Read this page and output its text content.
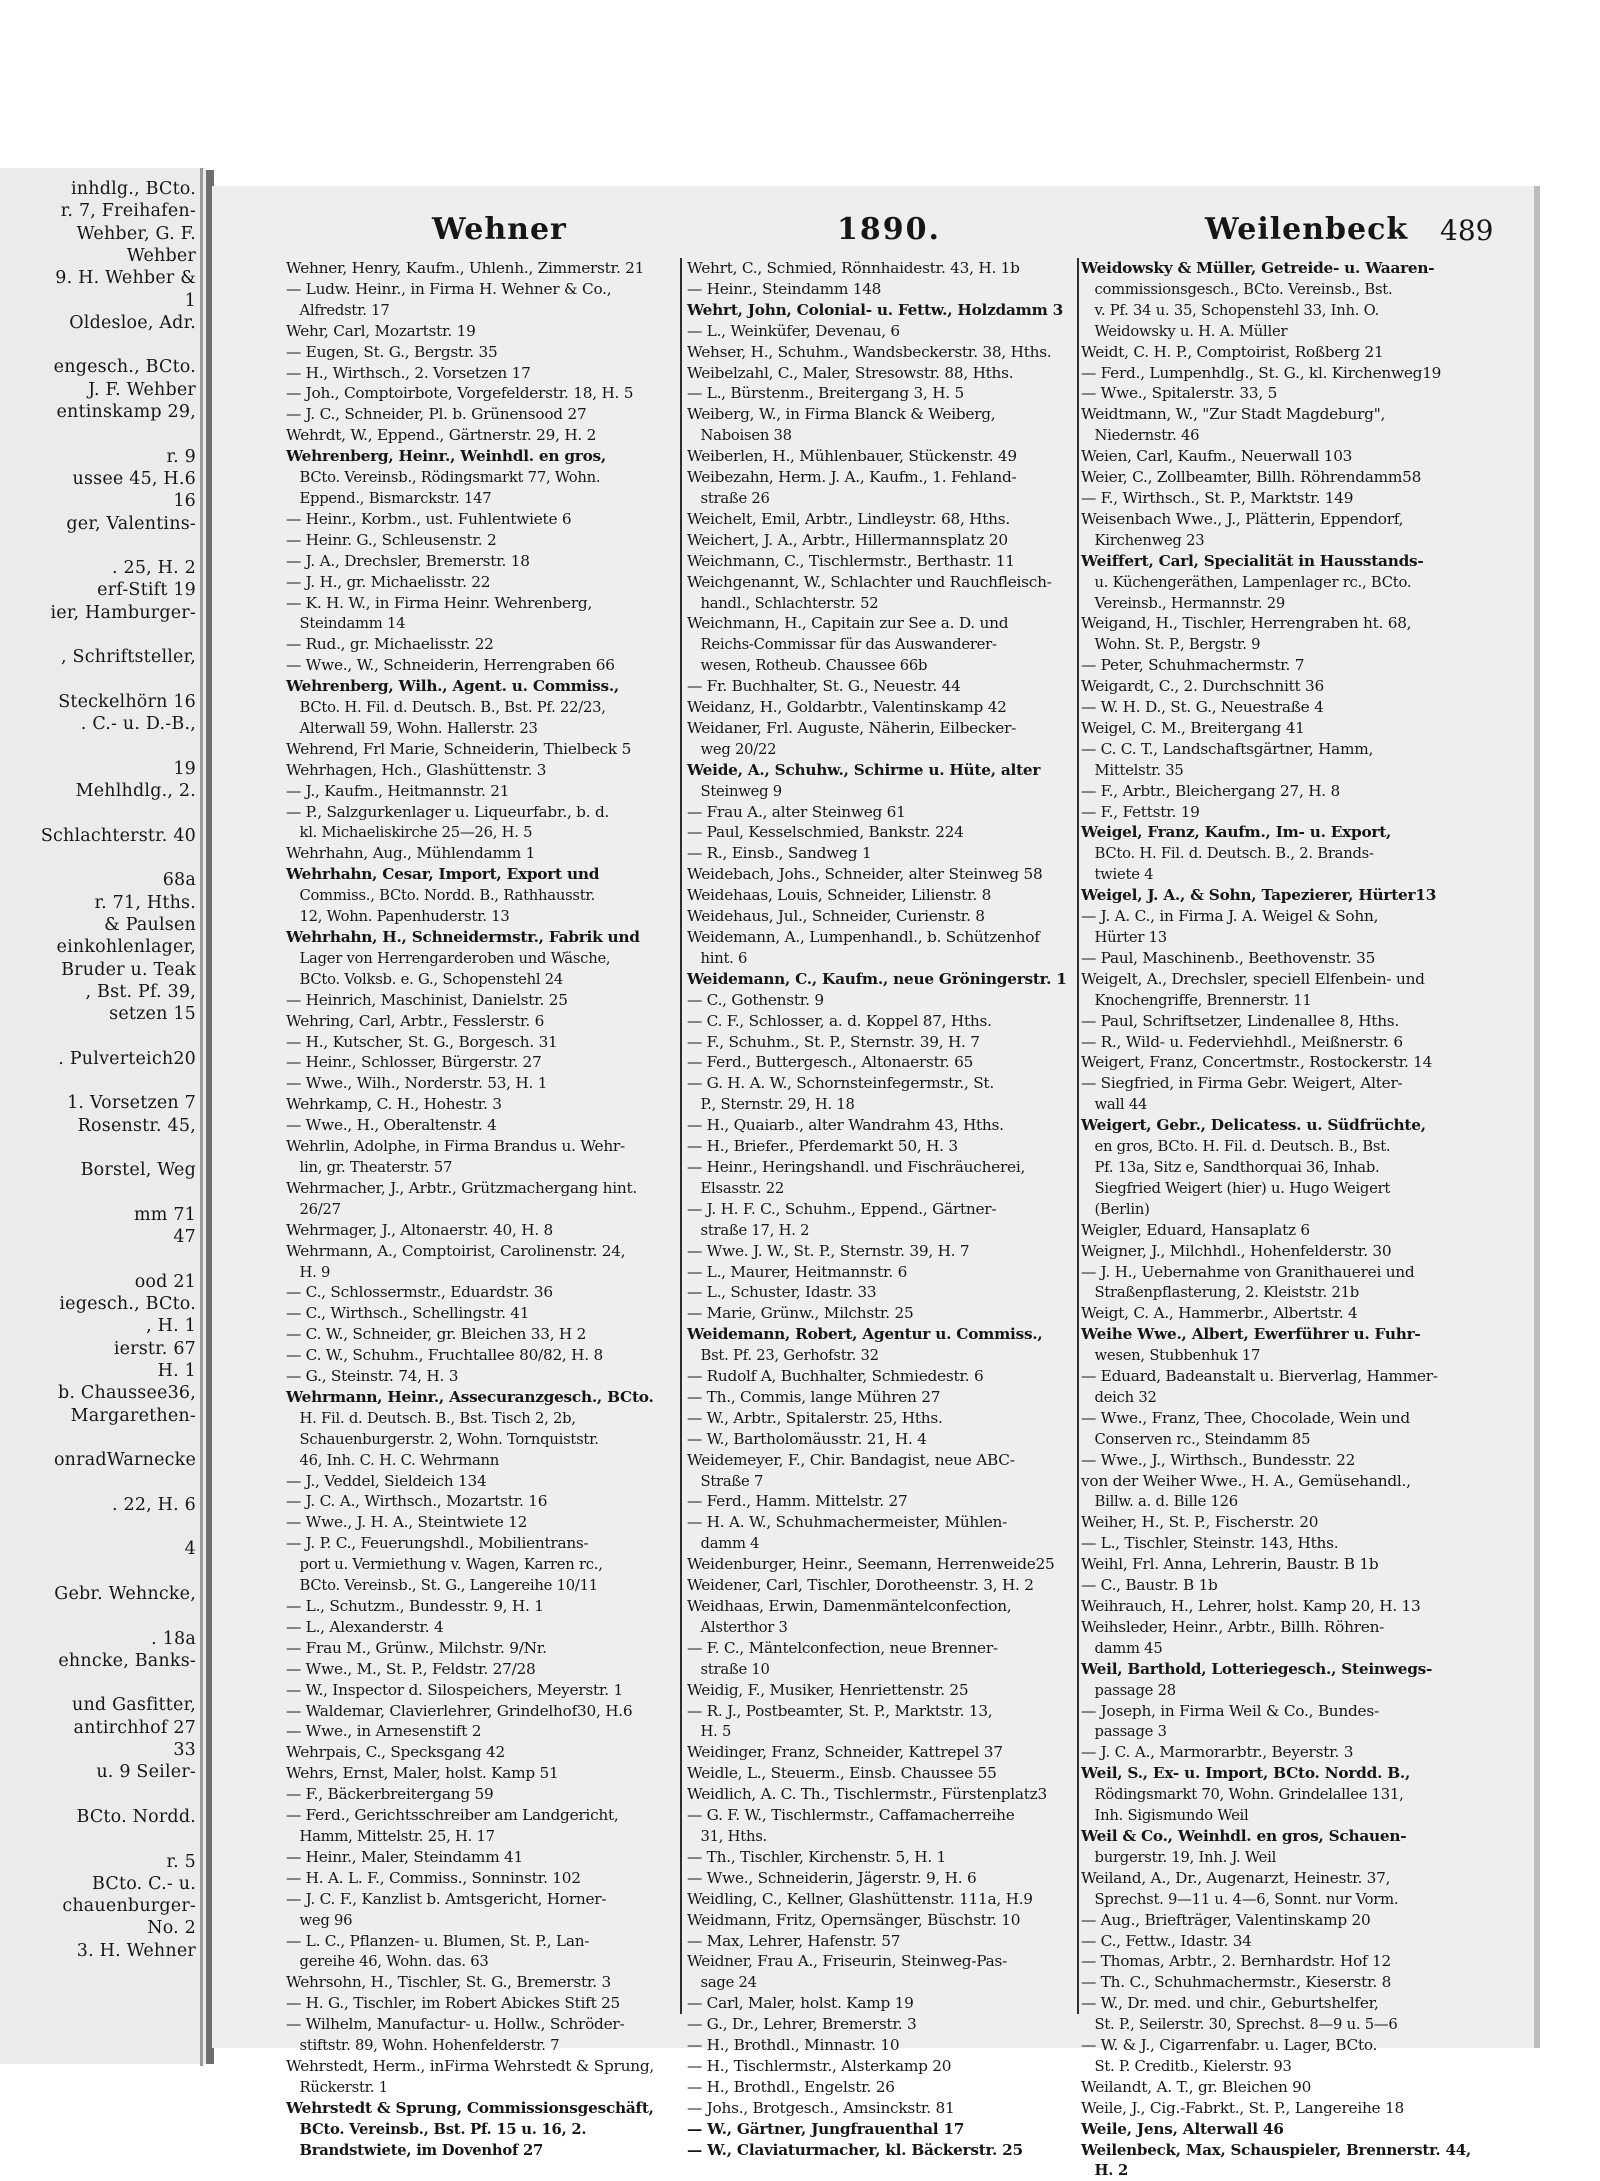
inhdlg., BCto.
r. 7, Freihafen-
Wehber, G. F.
Wehber
9. H. Wehber &
1
Oldesloe, Adr.
engesch., BCto.
J. F. Wehber
entinskamp 29,
r. 9
ussee 45, H.6
16
ger, Valentins-
. 25, H. 2
erf-Stift 19
ier, Hamburger-
, Schriftsteller,
Steckelhörn 16
. C.- u. D.-B.,
19
Mehlhdlg., 2.
Schlachterstr. 40
68a
r. 71, Hths.
& Paulsen
einkohlenlager,
Bruder u. Teak
, Bst. Pf. 39,
setzen 15
. Pulverteich20
1. Vorsetzen 7
Rosenstr. 45,
Borstel, Weg
mm 71
47
ood 21
iegesch., BCto.
, H. 1
ierstr. 67
H. 1
b. Chaussee36,
Margarethen-
onradWarnecke
. 22, H. 6
4
Gebr. Wehncke,
. 18a
ehncke, Banks-
und Gasfitter,
antirchhof 27
33
u. 9 Seiler-
BCto. Nordd.
r. 5
BCto. C.- u.
chauenburger-
No. 2
3. H. Wehner
Wehner	1890.	Weilenbeck 489
Wehner, Henry, Kaufm., Uhlenh., Zimmerstr. 21
— Ludw. Heinr., in Firma H. Wehner & Co.,
Alfredstr. 17
Wehr, Carl, Mozartstr. 19
— Eugen, St. G., Bergstr. 35
— H., Wirthsch., 2. Vorsetzen 17
— Joh., Comptoirbote, Vorgefelderstr. 18, H. 5
— J. C., Schneider, Pl. b. Grünensood 27
Wehrdt, W., Eppend., Gärtnerstr. 29, H. 2
Wehrenberg, Heinr., Weinhdl. en gros,
BCto. Vereinsb., Rödingsmarkt 77, Wohn.
Eppend., Bismarckstr. 147
— Heinr., Korbm., ust. Fuhlentwiete 6
— Heinr. G., Schleusenstr. 2
— J. A., Drechsler, Bremerstr. 18
— J. H., gr. Michaelisstr. 22
— K. H. W., in Firma Heinr. Wehrenberg,
Steindamm 14
— Rud., gr. Michaelisstr. 22
— Wwe., W., Schneiderin, Herrengraben 66
Wehrenberg, Wilh., Agent. u. Commiss.,
BCto. H. Fil. d. Deutsch. B., Bst. Pf. 22/23,
Alterwall 59, Wohn. Hallerstr. 23
Wehrend, Frl Marie, Schneiderin, Thielbeck 5
Wehrhagen, Hch., Glashüttenstr. 3
— J., Kaufm., Heitmannstr. 21
— P., Salzgurkenlager u. Liqueurfabr., b. d.
kl. Michaeliskirche 25—26, H. 5
Wehrhahn, Aug., Mühlendamm 1
Wehrhahn, Cesar, Import, Export und
Commiss., BCto. Nordd. B., Rathhausstr.
12, Wohn. Papenhuderstr. 13
Wehrhahn, H., Schneidermstr., Fabrik und
Lager von Herrengarderoben und Wäsche,
BCto. Volksb. e. G., Schopenstehl 24
— Heinrich, Maschinist, Danielstr. 25
Wehring, Carl, Arbtr., Fesslerstr. 6
— H., Kutscher, St. G., Borgesch. 31
— Heinr., Schlosser, Bürgerstr. 27
— Wwe., Wilh., Norderstr. 53, H. 1
Wehrkamp, C. H., Hohestr. 3
— Wwe., H., Oberaltenstr. 4
Wehrlin, Adolphe, in Firma Brandus u. Wehr-
lin, gr. Theaterstr. 57
Wehrmacher, J., Arbtr., Grützmachergang hint.
26/27
Wehrmager, J., Altonaerstr. 40, H. 8
Wehrmann, A., Comptoirist, Carolinenstr. 24,
H. 9
— C., Schlossermstr., Eduardstr. 36
— C., Wirthsch., Schellingstr. 41
— C. W., Schneider, gr. Bleichen 33, H 2
— C. W., Schuhm., Fruchtallee 80/82, H. 8
— G., Steinstr. 74, H. 3
Wehrmann, Heinr., Assecuranzgesch., BCto.
H. Fil. d. Deutsch. B., Bst. Tisch 2, 2b,
Schauenburgerstr. 2, Wohn. Tornquiststr.
46, Inh. C. H. C. Wehrmann
— J., Veddel, Sieldeich 134
— J. C. A., Wirthsch., Mozartstr. 16
— Wwe., J. H. A., Steintwiete 12
— J. P. C., Feuerungshdl., Mobilientrans-
port u. Vermiethung v. Wagen, Karren rc.,
BCto. Vereinsb., St. G., Langereihe 10/11
— L., Schutzm., Bundesstr. 9, H. 1
— L., Alexanderstr. 4
— Frau M., Grünw., Milchstr. 9/Nr.
— Wwe., M., St. P., Feldstr. 27/28
— W., Inspector d. Silospeichers, Meyerstr. 1
— Waldemar, Clavierlehrer, Grindelhof30, H.6
— Wwe., in Arnesenstift 2
Wehrpais, C., Specksgang 42
Wehrs, Ernst, Maler, holst. Kamp 51
— F., Bäckerbreitergang 59
— Ferd., Gerichtsschreiber am Landgericht,
Hamm, Mittelstr. 25, H. 17
— Heinr., Maler, Steindamm 41
— H. A. L. F., Commiss., Sonninstr. 102
— J. C. F., Kanzlist b. Amtsgericht, Horner-
weg 96
— L. C., Pflanzen- u. Blumen, St. P., Lan-
gereihe 46, Wohn. das. 63
Wehrsohn, H., Tischler, St. G., Bremerstr. 3
— H. G., Tischler, im Robert Abickes Stift 25
— Wilhelm, Manufactur- u. Hollw., Schröder-
stiftstr. 89, Wohn. Hohenfelderstr. 7
Wehrstedt, Herm., inFirma Wehrstedt & Sprung,
Rückerstr. 1
Wehrstedt & Sprung, Commissionsgeschäft,
BCto. Vereinsb., Bst. Pf. 15 u. 16, 2.
Brandstwiete, im Dovenhof 27
Wehrt, C., Schmied, Rönnhaidestr. 43, H. 1b
— Heinr., Steindamm 148
Wehrt, John, Colonial- u. Fettw., Holzdamm 3
— L., Weinküfer, Devenau, 6
Wehser, H., Schuhm., Wandsbeckerstr. 38, Hths.
Weibelzahl, C., Maler, Stresowstr. 88, Hths.
— L., Bürstenm., Breitergang 3, H. 5
Weiberg, W., in Firma Blanck & Weiberg,
Naboisen 38
Weiberlen, H., Mühlenbauer, Stückenstr. 49
Weibezahn, Herm. J. A., Kaufm., 1. Fehland-
straße 26
Weichelt, Emil, Arbtr., Lindleystr. 68, Hths.
Weichert, J. A., Arbtr., Hillermannsplatz 20
Weichmann, C., Tischlermstr., Berthastr. 11
Weichgenannt, W., Schlachter und Rauchfleisch-
handl., Schlachterstr. 52
Weichmann, H., Capitain zur See a. D. und
Reichs-Commissar für das Auswanderer-
wesen, Rotheub. Chaussee 66b
— Fr. Buchhalter, St. G., Neuestr. 44
Weidanz, H., Goldarbtr., Valentinskamp 42
Weidaner, Frl. Auguste, Näherin, Eilbecker-
weg 20/22
Weide, A., Schuhw., Schirme u. Hüte, alter
Steinweg 9
— Frau A., alter Steinweg 61
— Paul, Kesselschmied, Bankstr. 224
— R., Einsb., Sandweg 1
Weidebach, Johs., Schneider, alter Steinweg 58
Weidehaas, Louis, Schneider, Lilienstr. 8
Weidehaus, Jul., Schneider, Curienstr. 8
Weidemann, A., Lumpenhandl., b. Schützenhof
hint. 6
Weidemann, C., Kaufm., neue Gröningerstr. 1
— C., Gothenstr. 9
— C. F., Schlosser, a. d. Koppel 87, Hths.
— F., Schuhm., St. P., Sternstr. 39, H. 7
— Ferd., Buttergesch., Altonaerstr. 65
— G. H. A. W., Schornsteinfegermstr., St.
P., Sternstr. 29, H. 18
— H., Quaiarb., alter Wandrahm 43, Hths.
— H., Briefer., Pferdemarkt 50, H. 3
— Heinr., Heringshandl. und Fischräucherei,
Elsasstr. 22
— J. H. F. C., Schuhm., Eppend., Gärtner-
straße 17, H. 2
— Wwe. J. W., St. P., Sternstr. 39, H. 7
— L., Maurer, Heitmannstr. 6
— L., Schuster, Idastr. 33
— Marie, Grünw., Milchstr. 25
Weidemann, Robert, Agentur u. Commiss.,
Bst. Pf. 23, Gerhofstr. 32
— Rudolf A, Buchhalter, Schmiedestr. 6
— Th., Commis, lange Mühren 27
— W., Arbtr., Spitalerstr. 25, Hths.
— W., Bartholomäusstr. 21, H. 4
Weidemeyer, F., Chir. Bandagist, neue ABC-
Straße 7
— Ferd., Hamm. Mittelstr. 27
— H. A. W., Schuhmachermeister, Mühlen-
damm 4
Weidenburger, Heinr., Seemann, Herrenweide25
Weidener, Carl, Tischler, Dorotheenstr. 3, H. 2
Weidhaas, Erwin, Damenmäntelconfection,
Alsterthor 3
— F. C., Mäntelconfection, neue Brenner-
straße 10
Weidig, F., Musiker, Henriettenstr. 25
— R. J., Postbeamter, St. P., Marktstr. 13,
H. 5
Weidinger, Franz, Schneider, Kattrepel 37
Weidle, L., Steuerm., Einsb. Chaussee 55
Weidlich, A. C. Th., Tischlermstr., Fürstenplatz3
— G. F. W., Tischlermstr., Caffamacherreihe
31, Hths.
— Th., Tischler, Kirchenstr. 5, H. 1
— Wwe., Schneiderin, Jägerstr. 9, H. 6
Weidling, C., Kellner, Glashüttenstr. 111a, H.9
Weidmann, Fritz, Opernsänger, Büschstr. 10
— Max, Lehrer, Hafenstr. 57
Weidner, Frau A., Friseurin, Steinweg-Pas-
sage 24
— Carl, Maler, holst. Kamp 19
— G., Dr., Lehrer, Bremerstr. 3
— H., Brothdl., Minnastr. 10
— H., Tischlermstr., Alsterkamp 20
— H., Brothdl., Engelstr. 26
— Johs., Brotgesch., Amsinckstr. 81
— W., Gärtner, Jungfrauenthal 17
— W., Claviaturmacher, kl. Bäckerstr. 25
Weidowsky & Müller, Getreide- u. Waaren-
commissionsgesch., BCto. Vereinsb., Bst.
v. Pf. 34 u. 35, Schopenstehl 33, Inh. O.
Weidowsky u. H. A. Müller
Weidt, C. H. P., Comptoirist, Roßberg 21
— Ferd., Lumpenhdlg., St. G., kl. Kirchenweg19
— Wwe., Spitalerstr. 33, 5
Weidtmann, W., "Zur Stadt Magdeburg",
Niedernstr. 46
Weien, Carl, Kaufm., Neuerwall 103
Weier, C., Zollbeamter, Billh. Röhrendamm58
— F., Wirthsch., St. P., Marktstr. 149
Weisenbach Wwe., J., Plätterin, Eppendorf,
Kirchenweg 23
Weiffert, Carl, Specialität in Hausstands-
u. Küchengeräthen, Lampenlager rc., BCto.
Vereinsb., Hermannstr. 29
Weigand, H., Tischler, Herrengraben ht. 68,
Wohn. St. P., Bergstr. 9
— Peter, Schuhmachermstr. 7
Weigardt, C., 2. Durchschnitt 36
— W. H. D., St. G., Neuestraße 4
Weigel, C. M., Breitergang 41
— C. C. T., Landschaftsgärtner, Hamm,
Mittelstr. 35
— F., Arbtr., Bleichergang 27, H. 8
— F., Fettstr. 19
Weigel, Franz, Kaufm., Im- u. Export,
BCto. H. Fil. d. Deutsch. B., 2. Brands-
twiete 4
Weigel, J. A., & Sohn, Tapezierer, Hürter13
— J. A. C., in Firma J. A. Weigel & Sohn,
Hürter 13
— Paul, Maschinenb., Beethovenstr. 35
Weigelt, A., Drechsler, speciell Elfenbein- und
Knochengriffe, Brennerstr. 11
— Paul, Schriftsetzer, Lindenallee 8, Hths.
— R., Wild- u. Federviehhdl., Meißnerstr. 6
Weigert, Franz, Concertmstr., Rostockerstr. 14
— Siegfried, in Firma Gebr. Weigert, Alter-
wall 44
Weigert, Gebr., Delicatess. u. Südfrüchte,
en gros, BCto. H. Fil. d. Deutsch. B., Bst.
Pf. 13a, Sitz e, Sandthorquai 36, Inhab.
Siegfried Weigert (hier) u. Hugo Weigert
(Berlin)
Weigler, Eduard, Hansaplatz 6
Weigner, J., Milchhdl., Hohenfelderstr. 30
— J. H., Uebernahme von Granithauerei und
Straßenpflasterung, 2. Kleiststr. 21b
Weigt, C. A., Hammerbr., Albertstr. 4
Weihe Wwe., Albert, Ewerführer u. Fuhr-
wesen, Stubbenhuk 17
— Eduard, Badeanstalt u. Bierverlag, Hammer-
deich 32
— Wwe., Franz, Thee, Chocolade, Wein und
Conserven rc., Steindamm 85
— Wwe., J., Wirthsch., Bundesstr. 22
von der Weiher Wwe., H. A., Gemüsehandl.,
Billw. a. d. Bille 126
Weiher, H., St. P., Fischerstr. 20
— L., Tischler, Steinstr. 143, Hths.
Weihl, Frl. Anna, Lehrerin, Baustr. B 1b
— C., Baustr. B 1b
Weihrauch, H., Lehrer, holst. Kamp 20, H. 13
Weihsleder, Heinr., Arbtr., Billh. Röhren-
damm 45
Weil, Barthold, Lotteriegesch., Steinwegs-
passage 28
— Joseph, in Firma Weil & Co., Bundes-
passage 3
— J. C. A., Marmorarbtr., Beyerstr. 3
Weil, S., Ex- u. Import, BCto. Nordd. B.,
Rödingsmarkt 70, Wohn. Grindelallee 131,
Inh. Sigismundo Weil
Weil & Co., Weinhdl. en gros, Schauen-
burgerstr. 19, Inh. J. Weil
Weiland, A., Dr., Augenarzt, Heinestr. 37,
Sprechst. 9—11 u. 4—6, Sonnt. nur Vorm.
— Aug., Briefträger, Valentinskamp 20
— C., Fettw., Idastr. 34
— Thomas, Arbtr., 2. Bernhardstr. Hof 12
— Th. C., Schuhmachermstr., Kieserstr. 8
— W., Dr. med. und chir., Geburtshelfer,
St. P., Seilerstr. 30, Sprechst. 8—9 u. 5—6
— W. & J., Cigarrenfabr. u. Lager, BCto.
St. P. Creditb., Kielerstr. 93
Weilandt, A. T., gr. Bleichen 90
Weile, J., Cig.-Fabrkt., St. P., Langereihe 18
Weile, Jens, Alterwall 46
Weilenbeck, Max, Schauspieler, Brennerstr. 44,
H. 2
